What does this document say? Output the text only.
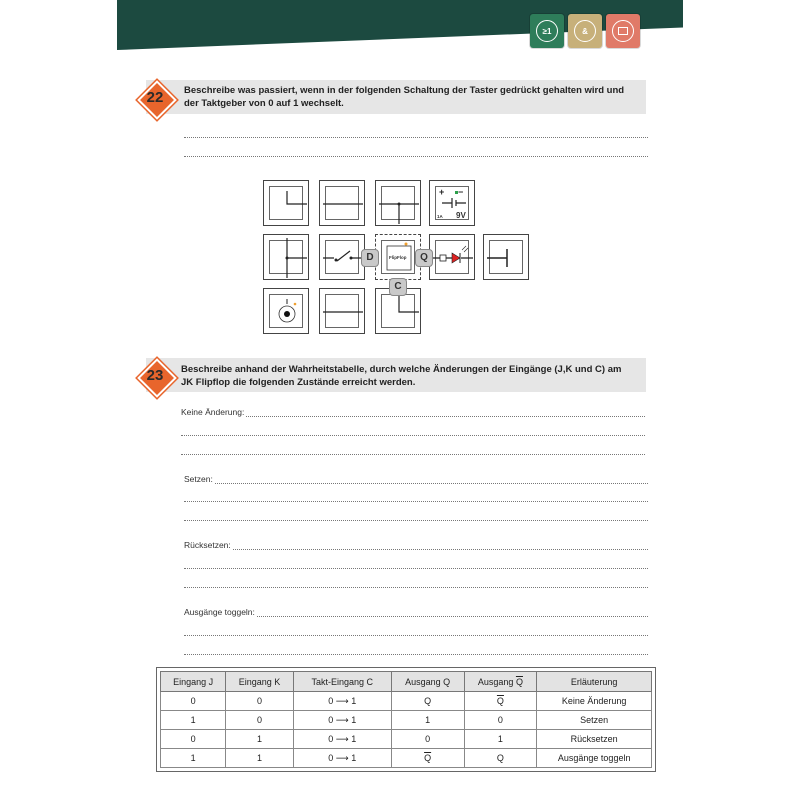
≥1	&
22	Beschreibe was passiert, wenn in der folgenden Schaltung der Taster gedrückt gehalten wird und
der Taktgeber von 0 auf 1 wechselt.
+ −
1A 9V
FlipFlop
D	Q
C
23	Beschreibe anhand der Wahrheitstabelle, durch welche Änderungen der Eingänge (J,K und C) am
JK Flipflop die folgenden Zustände erreicht werden.
Keine Änderung:
Setzen:
Rücksetzen:
Ausgänge toggeln:
Eingang J	Eingang K	Takt-Eingang C	Ausgang Q	Ausgang $\overline{Q}$	Erläuterung
0	0	0 ⟶ 1	Q	$\overline{Q}$	Keine Änderung
1	0	0 ⟶ 1	1	0	Setzen
0	1	0 ⟶ 1	0	1	Rücksetzen
1	1	0 ⟶ 1	$\overline{Q}$	Q	Ausgänge toggeln
